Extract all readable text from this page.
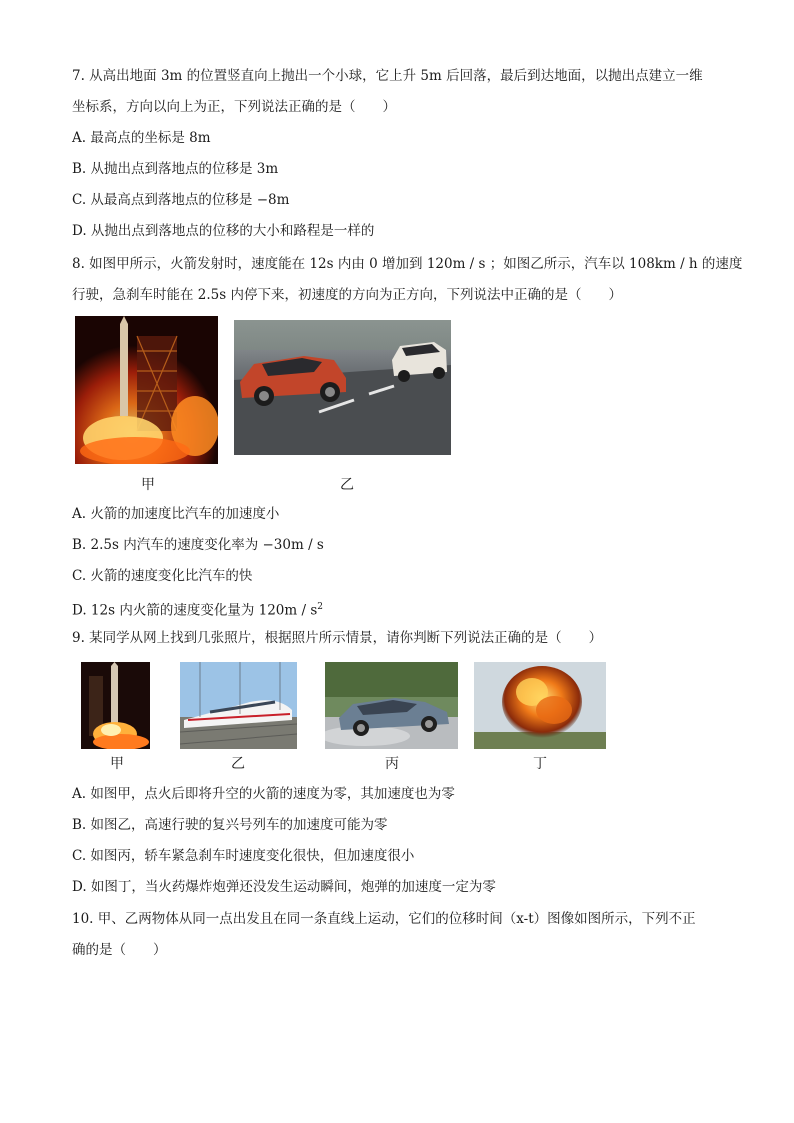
7. 从高出地面 3m 的位置竖直向上抛出一个小球，它上升 5m 后回落，最后到达地面，以抛出点建立一维
坐标系，方向以向上为正，下列说法正确的是（　　）
A. 最高点的坐标是 8m
B. 从抛出点到落地点的位移是 3m
C. 从最高点到落地点的位移是 −8m
D. 从抛出点到落地点的位移的大小和路程是一样的
8. 如图甲所示，火箭发射时，速度能在 12s 内由 0 增加到 120m / s ；如图乙所示，汽车以 108km / h 的速度
行驶，急刹车时能在 2.5s 内停下来，初速度的方向为正方向，下列说法中正确的是（　　）
甲	乙
A. 火箭的加速度比汽车的加速度小
B. 2.5s 内汽车的速度变化率为 −30m / s
C. 火箭的速度变化比汽车的快
D. 12s 内火箭的速度变化量为 $120m / s^2$
9. 某同学从网上找到几张照片，根据照片所示情景，请你判断下列说法正确的是（　　）
甲	乙	丙	丁
A. 如图甲，点火后即将升空的火箭的速度为零，其加速度也为零
B. 如图乙，高速行驶的复兴号列车的加速度可能为零
C. 如图丙，轿车紧急刹车时速度变化很快，但加速度很小
D. 如图丁，当火药爆炸炮弹还没发生运动瞬间，炮弹的加速度一定为零
10. 甲、乙两物体从同一点出发且在同一条直线上运动，它们的位移时间（x-t）图像如图所示，下列不正
确的是（　　）
